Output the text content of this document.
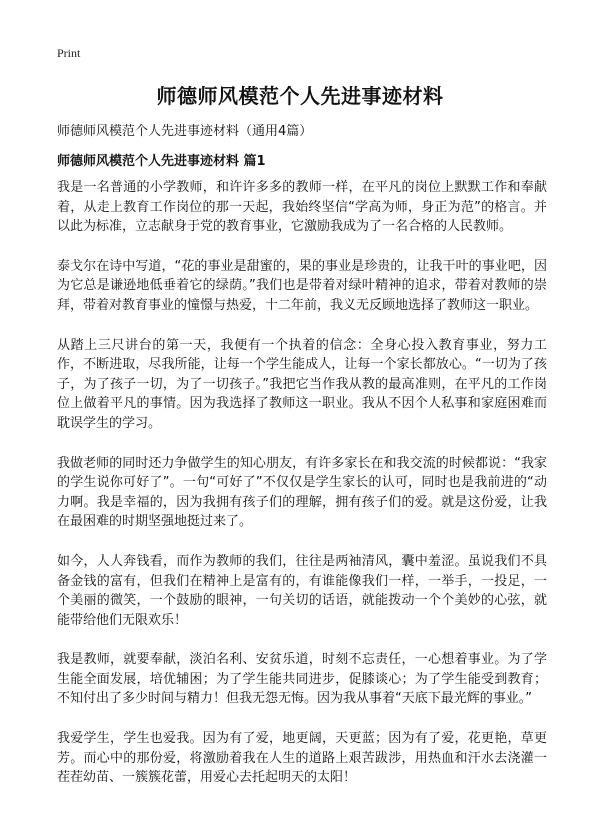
Print
师德师风模范个人先进事迹材料

师德师风模范个人先进事迹材料（通用4篇）

师德师风模范个人先进事迹材料 篇1

我是一名普通的小学教师，和许许多多的教师一样，在平凡的岗位上默默工作和奉献着，从走上教育工作岗位的那一天起，我始终坚信“学高为师，身正为范”的格言。并以此为标准，立志献身于党的教育事业，它激励我成为了一名合格的人民教师。

泰戈尔在诗中写道，“花的事业是甜蜜的，果的事业是珍贵的，让我干叶的事业吧，因为它总是谦逊地低垂着它的绿荫。”我们也是带着对绿叶精神的追求，带着对教师的崇拜，带着对教育事业的憧憬与热爱，十二年前，我义无反顾地选择了教师这一职业。

从踏上三尺讲台的第一天，我便有一个执着的信念：全身心投入教育事业，努力工作，不断进取，尽我所能，让每一个学生能成人，让每一个家长都放心。“一切为了孩子，为了孩子一切，为了一切孩子。”我把它当作我从教的最高准则，在平凡的工作岗位上做着平凡的事情。因为我选择了教师这一职业。我从不因个人私事和家庭困难而耽误学生的学习。

我做老师的同时还力争做学生的知心朋友，有许多家长在和我交流的时候都说：“我家的学生说你可好了”。一句“可好了”不仅仅是学生家长的认可，同时也是我前进的“动力啊。我是幸福的，因为我拥有孩子们的理解，拥有孩子们的爱。就是这份爱，让我在最困难的时期坚强地挺过来了。

如今，人人奔钱看，而作为教师的我们，往往是两袖清风，囊中羞涩。虽说我们不具备金钱的富有，但我们在精神上是富有的，有谁能像我们一样，一举手，一投足，一个美丽的微笑，一个鼓励的眼神，一句关切的话语，就能拨动一个个美妙的心弦，就能带给他们无限欢乐！

我是教师，就要奉献，淡泊名利、安贫乐道，时刻不忘责任，一心想着事业。为了学生能全面发展，培优辅困；为了学生能共同进步，促膝谈心；为了学生能受到教育；不知付出了多少时间与精力！但我无怨无悔。因为我从事着“天底下最光辉的事业。”

我爱学生，学生也爱我。因为有了爱，地更阔，天更蓝；因为有了爱，花更艳，草更芳。而心中的那份爱，将激励着我在人生的道路上艰苦跋涉，用热血和汗水去浇灌一茬茬幼苗、一簇簇花蕾，用爱心去托起明天的太阳！
